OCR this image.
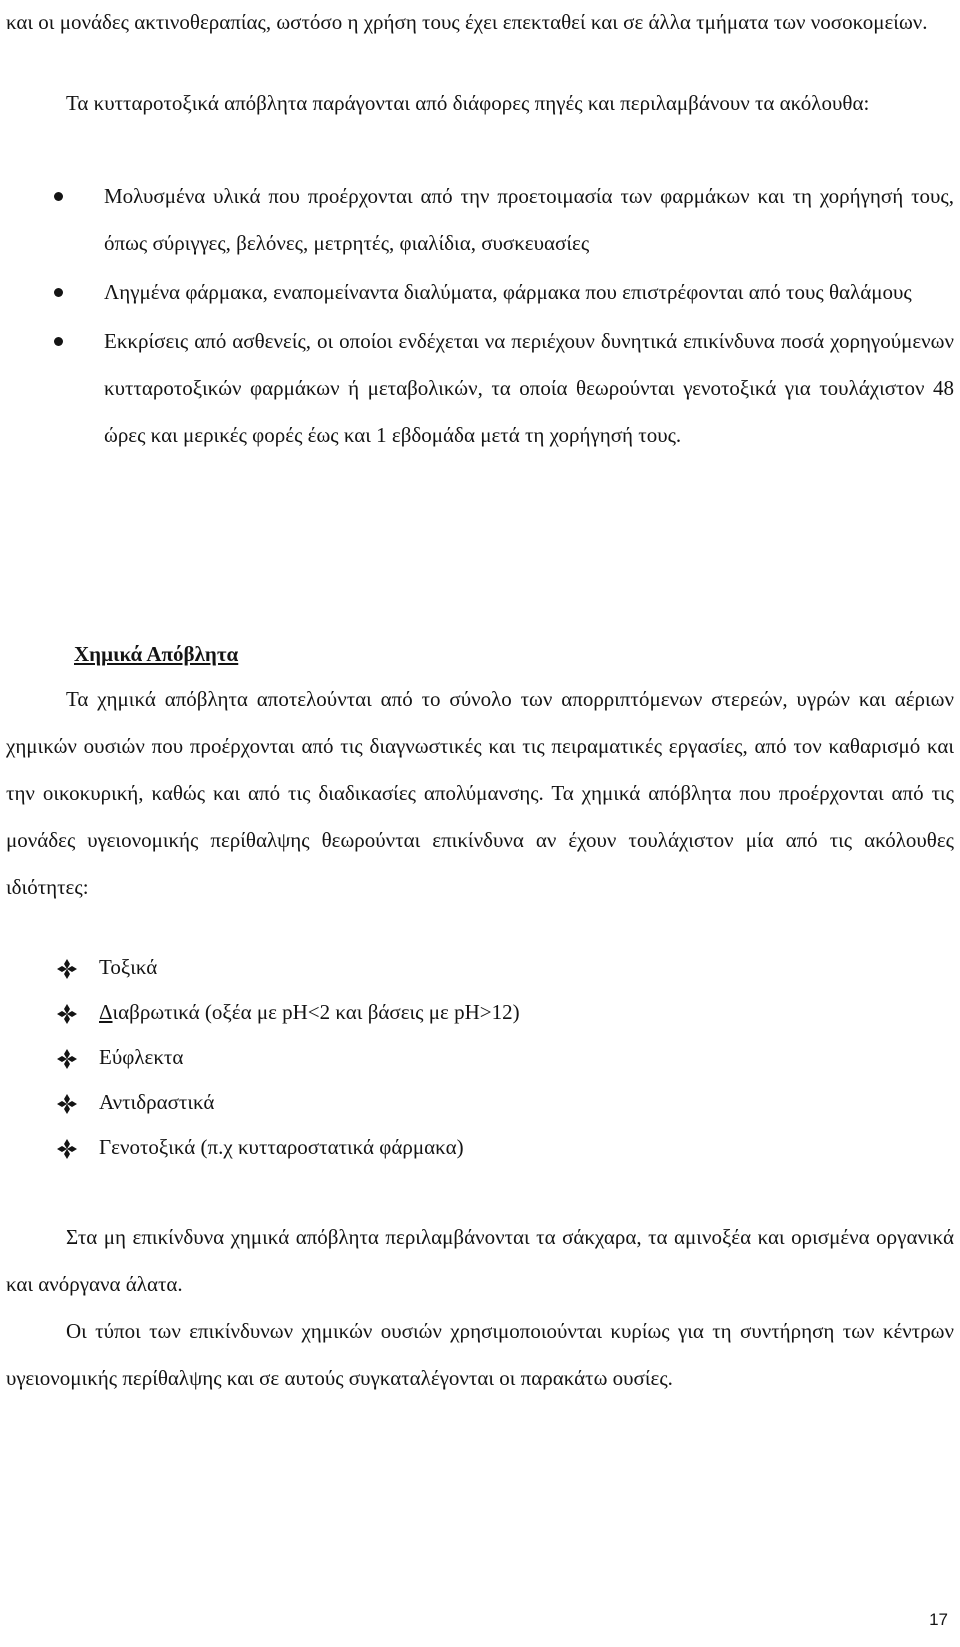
και οι μονάδες ακτινοθεραπίας, ωστόσο η χρήση τους έχει επεκταθεί και σε άλλα τμήματα των νοσοκομείων.

Τα κυτταροτοξικά απόβλητα παράγονται από διάφορες πηγές και περιλαμβάνουν τα ακόλουθα:

Μολυσμένα υλικά που προέρχονται από την προετοιμασία των φαρμάκων και τη χορήγησή τους, όπως σύριγγες, βελόνες, μετρητές, φιαλίδια, συσκευασίες
Ληγμένα φάρμακα, εναπομείναντα διαλύματα, φάρμακα που επιστρέφονται από τους θαλάμους
Εκκρίσεις από ασθενείς, οι οποίοι ενδέχεται να περιέχουν δυνητικά επικίνδυνα ποσά χορηγούμενων κυτταροτοξικών φαρμάκων ή μεταβολικών, τα οποία θεωρούνται γενοτοξικά για τουλάχιστον 48 ώρες και μερικές φορές έως και 1 εβδομάδα μετά τη χορήγησή τους.
Χημικά Απόβλητα

Τα χημικά απόβλητα αποτελούνται από το σύνολο των απορριπτόμενων στερεών, υγρών και αέριων χημικών ουσιών που προέρχονται από τις διαγνωστικές και τις πειραματικές εργασίες, από τον καθαρισμό και την οικοκυρική, καθώς και από τις διαδικασίες απολύμανσης. Τα χημικά απόβλητα που προέρχονται από τις μονάδες υγειονομικής περίθαλψης θεωρούνται επικίνδυνα αν έχουν τουλάχιστον μία από τις ακόλουθες ιδιότητες:

Τοξικά
Διαβρωτικά (οξέα με pH<2 και βάσεις με pH>12)
Εύφλεκτα
Αντιδραστικά
Γενοτοξικά (π.χ κυτταροστατικά φάρμακα)

Στα μη επικίνδυνα χημικά απόβλητα περιλαμβάνονται τα σάκχαρα, τα αμινοξέα και ορισμένα οργανικά και ανόργανα άλατα.

Οι τύποι των επικίνδυνων χημικών ουσιών χρησιμοποιούνται κυρίως για τη συντήρηση των κέντρων υγειονομικής περίθαλψης και σε αυτούς συγκαταλέγονται οι παρακάτω ουσίες.

17
